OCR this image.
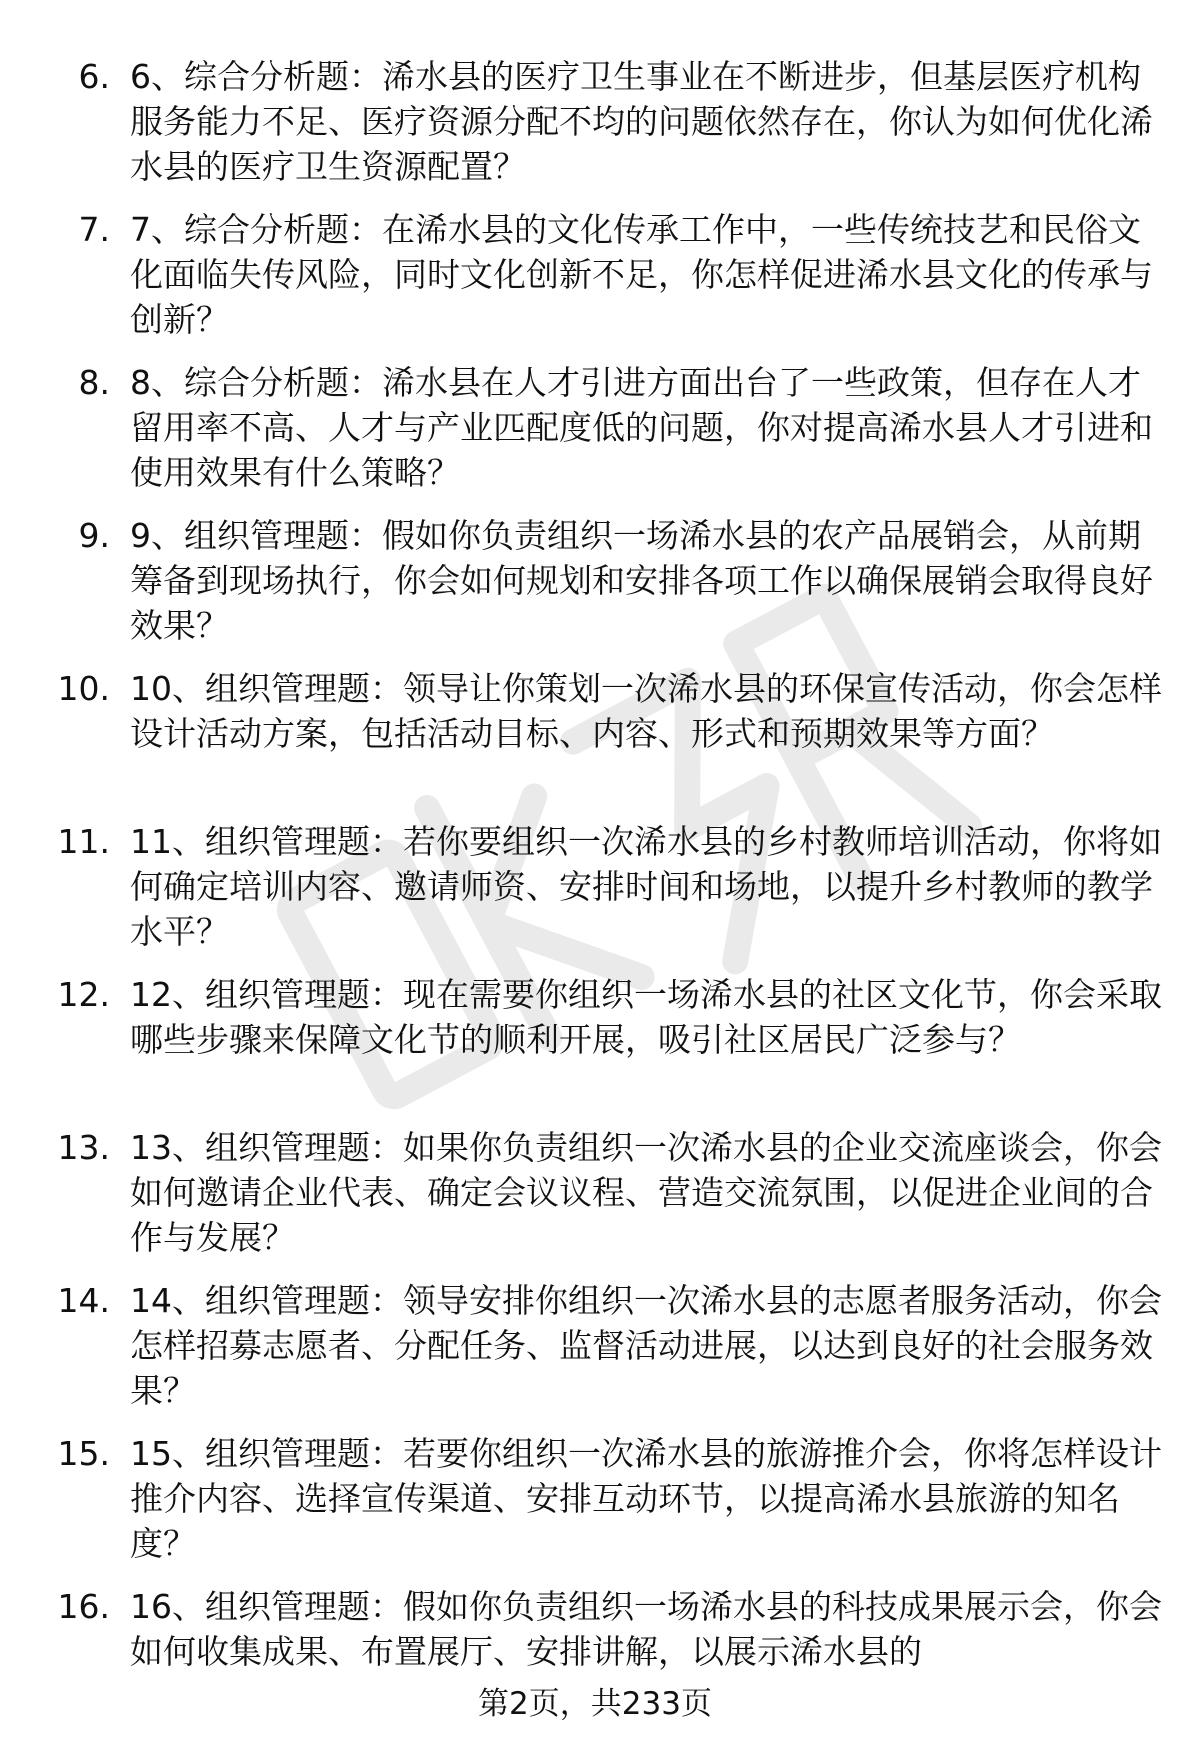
6. 6、综合分析题：浠水县的医疗卫生事业在不断进步，但基层医疗机构服务能力不足、医疗资源分配不均的问题依然存在，你认为如何优化浠水县的医疗卫生资源配置？

7. 7、综合分析题：在浠水县的文化传承工作中，一些传统技艺和民俗文化面临失传风险，同时文化创新不足，你怎样促进浠水县文化的传承与创新？

8. 8、综合分析题：浠水县在人才引进方面出台了一些政策，但存在人才留用率不高、人才与产业匹配度低的问题，你对提高浠水县人才引进和使用效果有什么策略？

9. 9、组织管理题：假如你负责组织一场浠水县的农产品展销会，从前期筹备到现场执行，你会如何规划和安排各项工作以确保展销会取得良好效果？

10. 10、组织管理题：领导让你策划一次浠水县的环保宣传活动，你会怎样设计活动方案，包括活动目标、内容、形式和预期效果等方面？

11. 11、组织管理题：若你要组织一次浠水县的乡村教师培训活动，你将如何确定培训内容、邀请师资、安排时间和场地，以提升乡村教师的教学水平？

12. 12、组织管理题：现在需要你组织一场浠水县的社区文化节，你会采取哪些步骤来保障文化节的顺利开展，吸引社区居民广泛参与？

13. 13、组织管理题：如果你负责组织一次浠水县的企业交流座谈会，你会如何邀请企业代表、确定会议议程、营造交流氛围，以促进企业间的合作与发展？

14. 14、组织管理题：领导安排你组织一次浠水县的志愿者服务活动，你会怎样招募志愿者、分配任务、监督活动进展，以达到良好的社会服务效果？

15. 15、组织管理题：若要你组织一次浠水县的旅游推介会，你将怎样设计推介内容、选择宣传渠道、安排互动环节，以提高浠水县旅游的知名度？

16. 16、组织管理题：假如你负责组织一场浠水县的科技成果展示会，你会如何收集成果、布置展厅、安排讲解，以展示浠水县的

第2页，共233页
